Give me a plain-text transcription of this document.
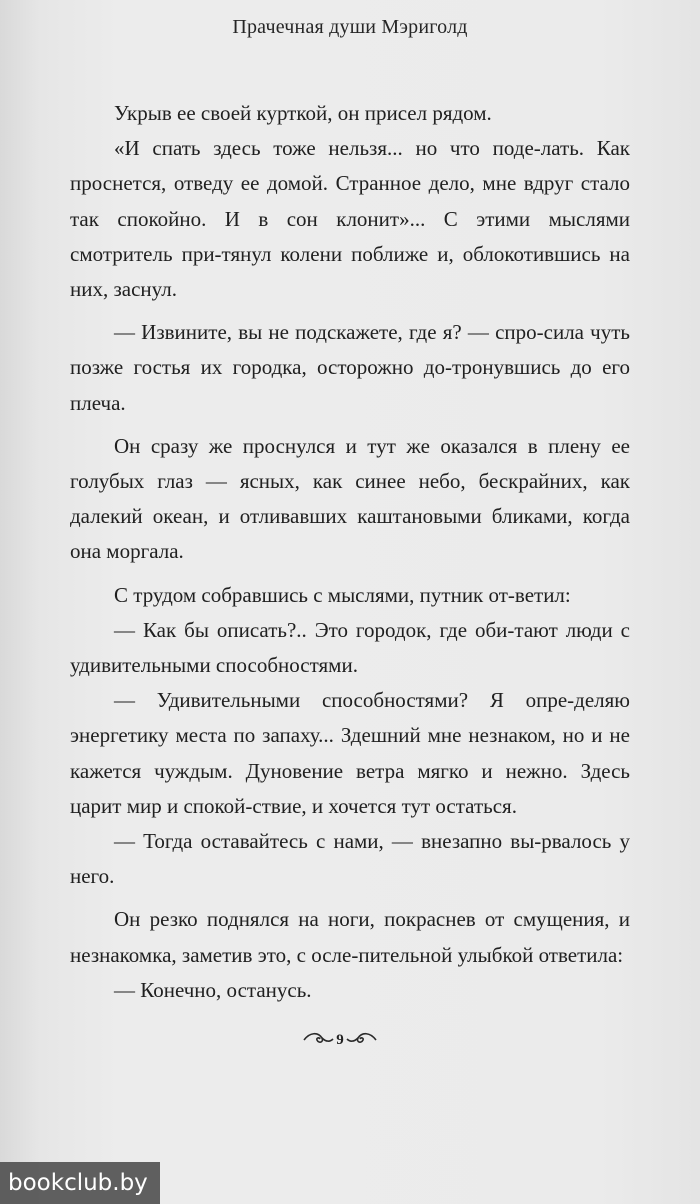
Прачечная души Мэриголд

Укрыв ее своей курткой, он присел рядом.

«И спать здесь тоже нельзя... но что поде-лать. Как проснется, отведу ее домой. Странное дело, мне вдруг стало так спокойно. И в сон клонит»... С этими мыслями смотритель при-тянул колени поближе и, облокотившись на них, заснул.

— Извините, вы не подскажете, где я? — спро-сила чуть позже гостья их городка, осторожно до-тронувшись до его плеча.

Он сразу же проснулся и тут же оказался в плену ее голубых глаз — ясных, как синее небо, бескрайних, как далекий океан, и отливавших каштановыми бликами, когда она моргала.

С трудом собравшись с мыслями, путник от-ветил:

— Как бы описать?.. Это городок, где оби-тают люди с удивительными способностями.

— Удивительными способностями? Я опре-деляю энергетику места по запаху... Здешний мне незнаком, но и не кажется чуждым. Дуновение ветра мягко и нежно. Здесь царит мир и спокой-ствие, и хочется тут остаться.

— Тогда оставайтесь с нами, — внезапно вы-рвалось у него.

Он резко поднялся на ноги, покраснев от смущения, и незнакомка, заметив это, с осле-пительной улыбкой ответила:

— Конечно, останусь.

9
bookclub.by
